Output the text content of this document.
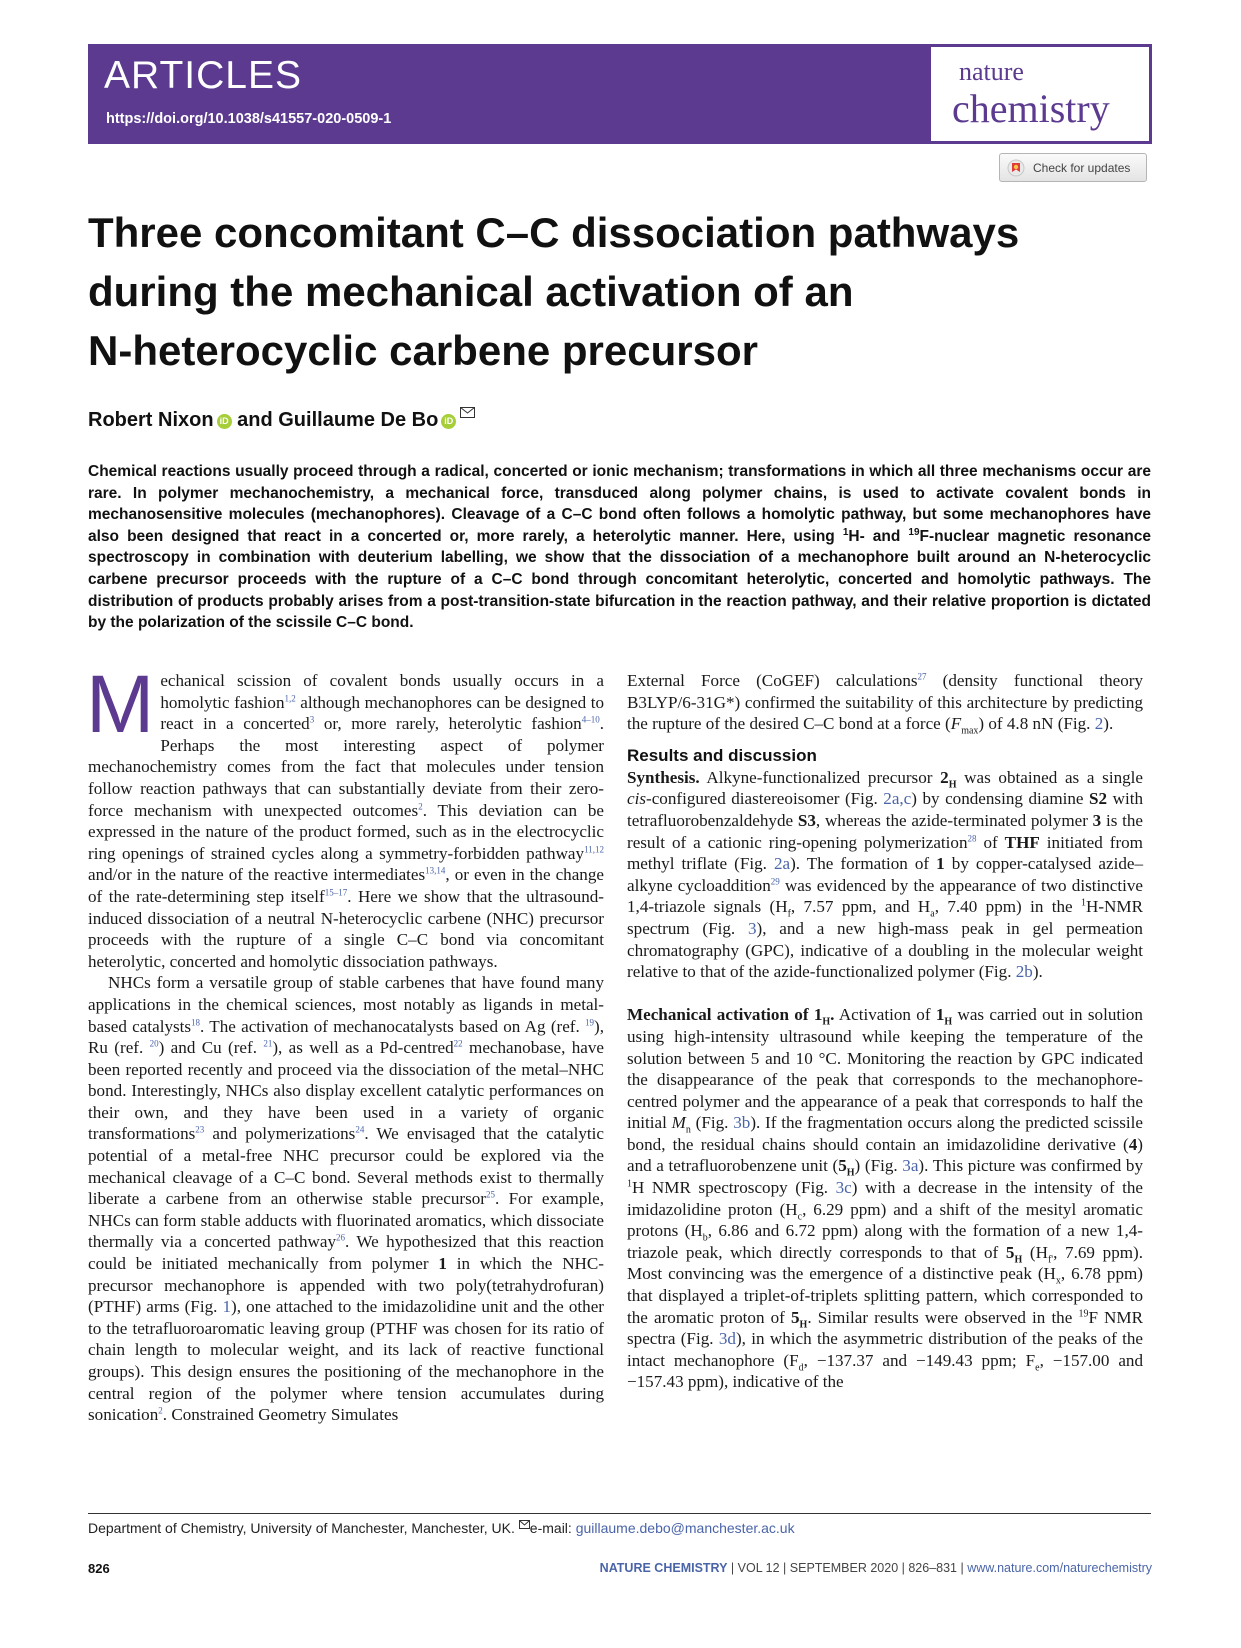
ARTICLES
https://doi.org/10.1038/s41557-020-0509-1
nature
chemistry
Check for updates
Three concomitant C–C dissociation pathways
during the mechanical activation of an
N-heterocyclic carbene precursor
Robert Nixon iD and Guillaume De Bo iD

Chemical reactions usually proceed through a radical, concerted or ionic mechanism; transformations in which all three mechanisms occur are rare. In polymer mechanochemistry, a mechanical force, transduced along polymer chains, is used to activate covalent bonds in mechanosensitive molecules (mechanophores). Cleavage of a C–C bond often follows a homolytic pathway, but some mechanophores have also been designed that react in a concerted or, more rarely, a heterolytic manner. Here, using $^1$H- and $^{19}$F-nuclear magnetic resonance spectroscopy in combination with deuterium labelling, we show that the dissociation of a mechanophore built around an N-heterocyclic carbene precursor proceeds with the rupture of a C–C bond through concomitant heterolytic, concerted and homolytic pathways. The distribution of products probably arises from a post-transition-state bifurcation in the reaction pathway, and their relative proportion is dictated by the polarization of the scissile C–C bond.

Mechanical scission of covalent bonds usually occurs in a homolytic fashion$^{1,2}$ although mechanophores can be designed to react in a concerted$^3$ or, more rarely, heterolytic fashion$^{4-10}$. Perhaps the most interesting aspect of polymer mechanochemistry comes from the fact that molecules under tension follow reaction pathways that can substantially deviate from their zero-force mechanism with unexpected outcomes$^2$. This deviation can be expressed in the nature of the product formed, such as in the electrocyclic ring openings of strained cycles along a symmetry-forbidden pathway$^{11,12}$ and/or in the nature of the reactive intermediates$^{13,14}$, or even in the change of the rate-determining step itself$^{15-17}$. Here we show that the ultrasound-induced dissociation of a neutral N-heterocyclic carbene (NHC) precursor proceeds with the rupture of a single C–C bond via concomitant heterolytic, concerted and homolytic dissociation pathways.

NHCs form a versatile group of stable carbenes that have found many applications in the chemical sciences, most notably as ligands in metal-based catalysts$^{18}$. The activation of mechanocatalysts based on Ag (ref. $^{19}$), Ru (ref. $^{20}$) and Cu (ref. $^{21}$), as well as a Pd-centred$^{22}$ mechanobase, have been reported recently and proceed via the dissociation of the metal–NHC bond. Interestingly, NHCs also display excellent catalytic performances on their own, and they have been used in a variety of organic transformations$^{23}$ and polymerizations$^{24}$. We envisaged that the catalytic potential of a metal-free NHC precursor could be explored via the mechanical cleavage of a C–C bond. Several methods exist to thermally liberate a carbene from an otherwise stable precursor$^{25}$. For example, NHCs can form stable adducts with fluorinated aromatics, which dissociate thermally via a concerted pathway$^{26}$. We hypothesized that this reaction could be initiated mechanically from polymer 1 in which the NHC-precursor mechanophore is appended with two poly(tetrahydrofuran) (PTHF) arms (Fig. 1), one attached to the imidazolidine unit and the other to the tetrafluoroaromatic leaving group (PTHF was chosen for its ratio of chain length to molecular weight, and its lack of reactive functional groups). This design ensures the positioning of the mechanophore in the central region of the polymer where tension accumulates during sonication$^2$. Constrained Geometry Simulates

External Force (CoGEF) calculations$^{27}$ (density functional theory B3LYP/6-31G*) confirmed the suitability of this architecture by predicting the rupture of the desired C–C bond at a force $(F_{max})$ of 4.8 nN (Fig. 2).

Results and discussion

Synthesis. Alkyne-functionalized precursor $2_H$ was obtained as a single cis-configured diastereoisomer (Fig. 2a,c) by condensing diamine S2 with tetrafluorobenzaldehyde S3, whereas the azide-terminated polymer 3 is the result of a cationic ring-opening polymerization$^{28}$ of THF initiated from methyl triflate (Fig. 2a). The formation of 1 by copper-catalysed azide–alkyne cycloaddition$^{29}$ was evidenced by the appearance of two distinctive 1,4-triazole signals ($H_f$, 7.57 ppm, and $H_a$, 7.40 ppm) in the $^1$H-NMR spectrum (Fig. 3), and a new high-mass peak in gel permeation chromatography (GPC), indicative of a doubling in the molecular weight relative to that of the azide-functionalized polymer (Fig. 2b).

Mechanical activation of $1_H$. Activation of $1_H$ was carried out in solution using high-intensity ultrasound while keeping the temperature of the solution between 5 and 10 °C. Monitoring the reaction by GPC indicated the disappearance of the peak that corresponds to the mechanophore-centred polymer and the appearance of a peak that corresponds to half the initial $M_n$ (Fig. 3b). If the fragmentation occurs along the predicted scissile bond, the residual chains should contain an imidazolidine derivative (4) and a tetrafluorobenzene unit $(5_H)$ (Fig. 3a). This picture was confirmed by $^1$H NMR spectroscopy (Fig. 3c) with a decrease in the intensity of the imidazolidine proton ($H_c$, 6.29 ppm) and a shift of the mesityl aromatic protons ($H_b$, 6.86 and 6.72 ppm) along with the formation of a new 1,4-triazole peak, which directly corresponds to that of $5_H$ ($H_{f'}$, 7.69 ppm). Most convincing was the emergence of a distinctive peak ($H_x$, 6.78 ppm) that displayed a triplet-of-triplets splitting pattern, which corresponded to the aromatic proton of $5_H$. Similar results were observed in the $^{19}$F NMR spectra (Fig. 3d), in which the asymmetric distribution of the peaks of the intact mechanophore ($F_d$, −137.37 and −149.43 ppm; $F_e$, −157.00 and −157.43 ppm), indicative of the

Department of Chemistry, University of Manchester, Manchester, UK. e-mail: guillaume.debo@manchester.ac.uk
826	NATURE CHEMISTRY | VOL 12 | SEPTEMBER 2020 | 826–831 | www.nature.com/naturechemistry
